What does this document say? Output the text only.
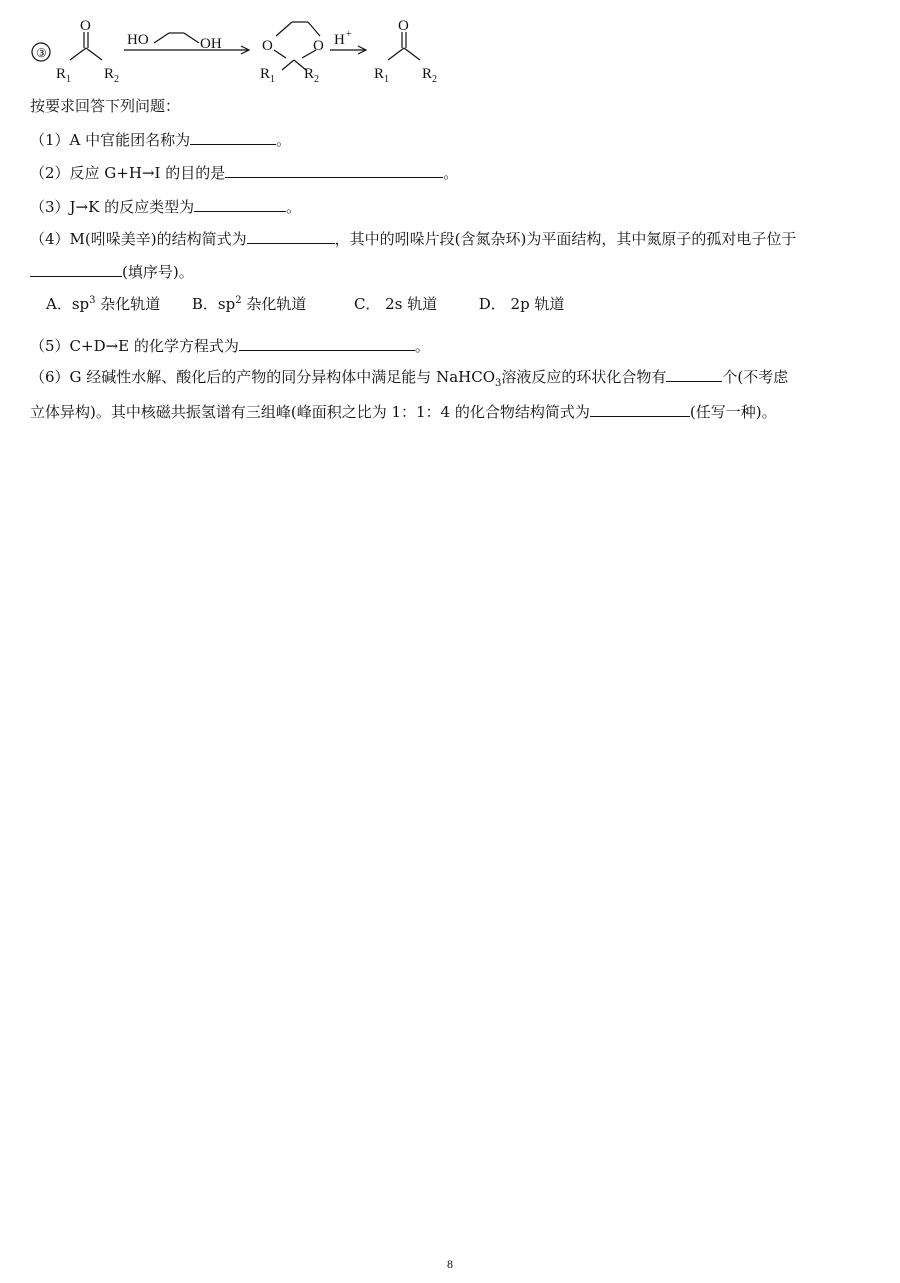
③
O
R 1 R 2
HO	OH	O	O
R 1 R 2
H +
O
R 1 R 2
按要求回答下列问题：
（1）A 中官能团名称为	。
（2）反应 G+H→I 的目的是	。
（3）J→K 的反应类型为	。
（4）M(吲哚美辛)的结构简式为	，其中的吲哚片段(含氮杂环)为平面结构，其中氮原子的孤对电子位于
(填序号)。
A．$sp^3$ 杂化轨道 B．$sp^2$ 杂化轨道	C． 2s 轨道	D． 2p 轨道
（5）C+D→E 的化学方程式为	。
（6）G 经碱性水解、酸化后的产物的同分异构体中满足能与 NaHCO$_3$溶液反应的环状化合物有	个(不考虑
立体异构)。其中核磁共振氢谱有三组峰(峰面积之比为 1：1：4 的化合物结构简式为	(任写一种)。
8
